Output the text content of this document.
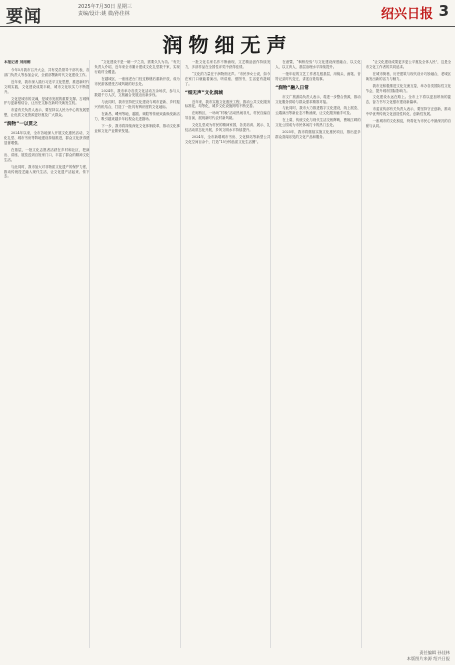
要闻	2025年7月30日 星期三
责编/设计:姚 微/孙佳林	绍兴日报 3
润物细无声
本报记者 刘雨桐

今年5月我市召开大会，共有党员领导干部代表、各部门负责人等参加会议，全面部署新时代文化建设工作。

近年来，我市深入践行习近平文化思想，推进新时代文明实践，文化建设成果丰硕，城市文化软实力不断提升。

文化是城市的灵魂，是城市发展的重要支撑。古城保护与更新相结合，让历史文脉在新时代焕发生机。

市委有关负责人表示，要坚持以人民为中心的发展思想，让优质文化资源更好惠及广大群众。

“润物”一以贯之

2024年以来，全市各地深入开展文化惠民活动，文化礼堂、城市书房等阵地建设持续推进，群众文化获得感显著增强。

在基层，一批文化志愿者活跃在乡村和社区，把演出、讲座、展览送到百姓家门口，丰富了群众的精神文化生活。

与此同时，我市加大对非物质文化遗产的保护力度，推动传统技艺融入现代生活，让文化遗产活起来、传下去。

“文化建设不是一朝一夕之功，需要久久为功。”有关负责人介绍，近年来全市累计建成文化礼堂数千家，实现行政村全覆盖。

在越城区，一座座老台门经过修缮后重新开放，成为市民游客感受古城风貌的好去处。

2024年，我市举办各类文化活动万余场次，参与人数超千万人次，文旅融合发展迈出新步伐。

与此同时，我市坚持把文化建设与城市更新、乡村振兴有机结合，打造了一批具有辨识度的文化地标。

在新昌、嵊州等地，越剧、调腔等传统戏曲焕发新活力，吸引越来越多年轻观众走进剧场。

下一步，我市将持续深化文化体制改革，推动文化事业和文化产业繁荣发展。

一批文化名家名作不断涌现，文艺精品创作持续发力，多部作品在全国性评奖中获得佳绩。

“文化的力量在于润物细无声。”市民李女士说，如今在家门口就能看演出、听讲座、借图书，生活更有滋味了。

“细无声”文化润城

近年来，我市实施文化惠民工程，推动公共文化服务标准化、均等化，城乡文化设施网络不断完善。

在柯桥区，一场场“村晚”活动热闹非凡，村民自编自导自演，展现新时代农村新风貌。

文化礼堂成为村民的精神家园，各类培训、展示、礼仪活动常态化开展，乡风文明水平持续提升。

2024年，全市新增城市书房、文化驿站等新型公共文化空间百余个，打造“15分钟品质文化生活圈”。

在诸暨，“枫桥经验”与文化建设深度融合，以文化人、以文育人，基层治理水平持续提升。

一批年轻的文艺工作者扎根基层，用镜头、画笔、音符记录时代变迁，讲述百姓故事。

“润物”融入日常

市文广旅游局负责人表示，将进一步整合资源，推动文化服务供给与群众需求精准对接。

与此同时，我市大力推进数字文化建设，线上展览、云端演出等新业态不断涌现，让文化服务触手可及。

在上虞，传统文化与现代生活交相辉映，曹娥江畔的文化公园成为市民休闲打卡的热门去处。

2025年，我市将继续实施文化惠民项目，推出更多群众喜闻乐见的文化产品和服务。

“让文化建设成果更多更公平惠及全体人民”，这是全市文化工作者的共同追求。

在城市街巷，历史建筑与现代设计巧妙融合，老城区焕发出新的活力与魅力。

我市还积极推进文化交流互鉴，举办各类国际性文化节会，提升城市国际影响力。

文化建设永远在路上。全市上下将以更加昂扬的姿态，奋力书写文化强市建设新篇章。

市委宣传部有关负责人表示，要坚持守正创新，推动中华优秀传统文化创造性转化、创新性发展。

一座城市的文化积淀，终将化为市民心中最深沉的自豪与认同。

责任编辑 孙佳林
本版图片来源 绍兴日报
